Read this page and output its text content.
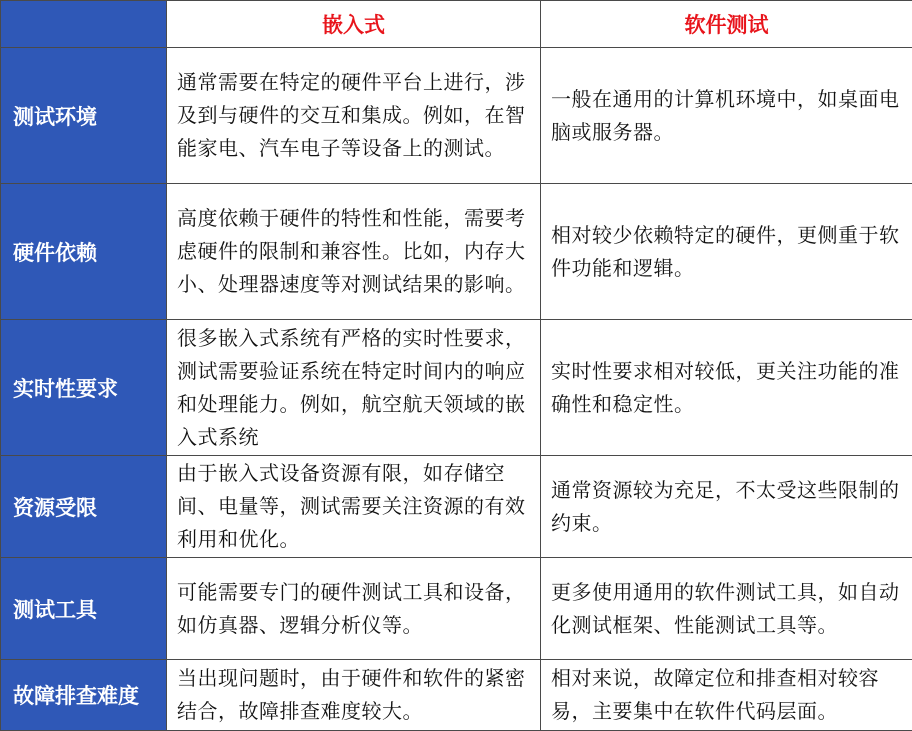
	嵌入式	软件测试
测试环境	通常需要在特定的硬件平台上进行，涉及到与硬件的交互和集成。例如，在智能家电、汽车电子等设备上的测试。	一般在通用的计算机环境中，如桌面电脑或服务器。
硬件依赖	高度依赖于硬件的特性和性能，需要考虑硬件的限制和兼容性。比如，内存大小、处理器速度等对测试结果的影响。	相对较少依赖特定的硬件，更侧重于软件功能和逻辑。
实时性要求	很多嵌入式系统有严格的实时性要求，测试需要验证系统在特定时间内的响应和处理能力。例如，航空航天领域的嵌入式系统	实时性要求相对较低，更关注功能的准确性和稳定性。
资源受限	由于嵌入式设备资源有限，如存储空间、电量等，测试需要关注资源的有效利用和优化。	通常资源较为充足，不太受这些限制的约束。
测试工具	可能需要专门的硬件测试工具和设备，如仿真器、逻辑分析仪等。	更多使用通用的软件测试工具，如自动化测试框架、性能测试工具等。
故障排查难度	当出现问题时，由于硬件和软件的紧密结合，故障排查难度较大。	相对来说，故障定位和排查相对较容易，主要集中在软件代码层面。
